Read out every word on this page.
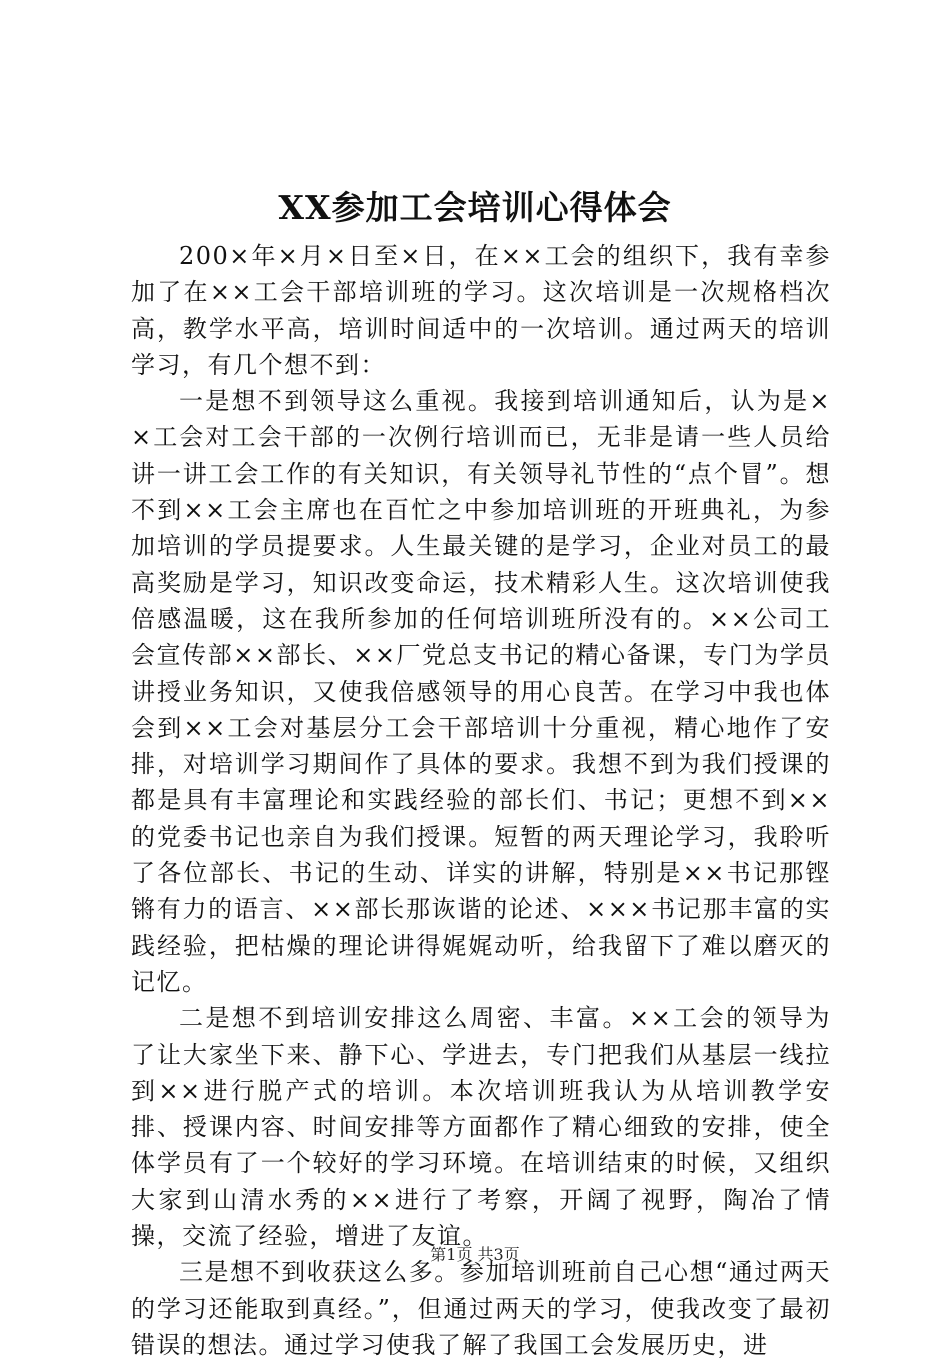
XX参加工会培训心得体会

200×年×月×日至×日，在××工会的组织下，我有幸参加了在××工会干部培训班的学习。这次培训是一次规格档次高，教学水平高，培训时间适中的一次培训。通过两天的培训学习，有几个想不到：

一是想不到领导这么重视。我接到培训通知后，认为是××工会对工会干部的一次例行培训而已，无非是请一些人员给讲一讲工会工作的有关知识，有关领导礼节性的“点个冒”。想不到××工会主席也在百忙之中参加培训班的开班典礼，为参加培训的学员提要求。人生最关键的是学习，企业对员工的最高奖励是学习，知识改变命运，技术精彩人生。这次培训使我倍感温暖，这在我所参加的任何培训班所没有的。××公司工会宣传部××部长、××厂党总支书记的精心备课，专门为学员讲授业务知识，又使我倍感领导的用心良苦。在学习中我也体会到××工会对基层分工会干部培训十分重视，精心地作了安排，对培训学习期间作了具体的要求。我想不到为我们授课的都是具有丰富理论和实践经验的部长们、书记；更想不到××的党委书记也亲自为我们授课。短暂的两天理论学习，我聆听了各位部长、书记的生动、详实的讲解，特别是××书记那铿锵有力的语言、××部长那诙谐的论述、×××书记那丰富的实践经验，把枯燥的理论讲得娓娓动听，给我留下了难以磨灭的记忆。

二是想不到培训安排这么周密、丰富。××工会的领导为了让大家坐下来、静下心、学进去，专门把我们从基层一线拉到××进行脱产式的培训。本次培训班我认为从培训教学安排、授课内容、时间安排等方面都作了精心细致的安排，使全体学员有了一个较好的学习环境。在培训结束的时候，又组织大家到山清水秀的××进行了考察，开阔了视野，陶冶了情操，交流了经验，增进了友谊。

三是想不到收获这么多。参加培训班前自己心想“通过两天的学习还能取到真经。”，但通过两天的学习，使我改变了最初错误的想法。通过学习使我了解了我国工会发展历史，进

第1页 共3页
